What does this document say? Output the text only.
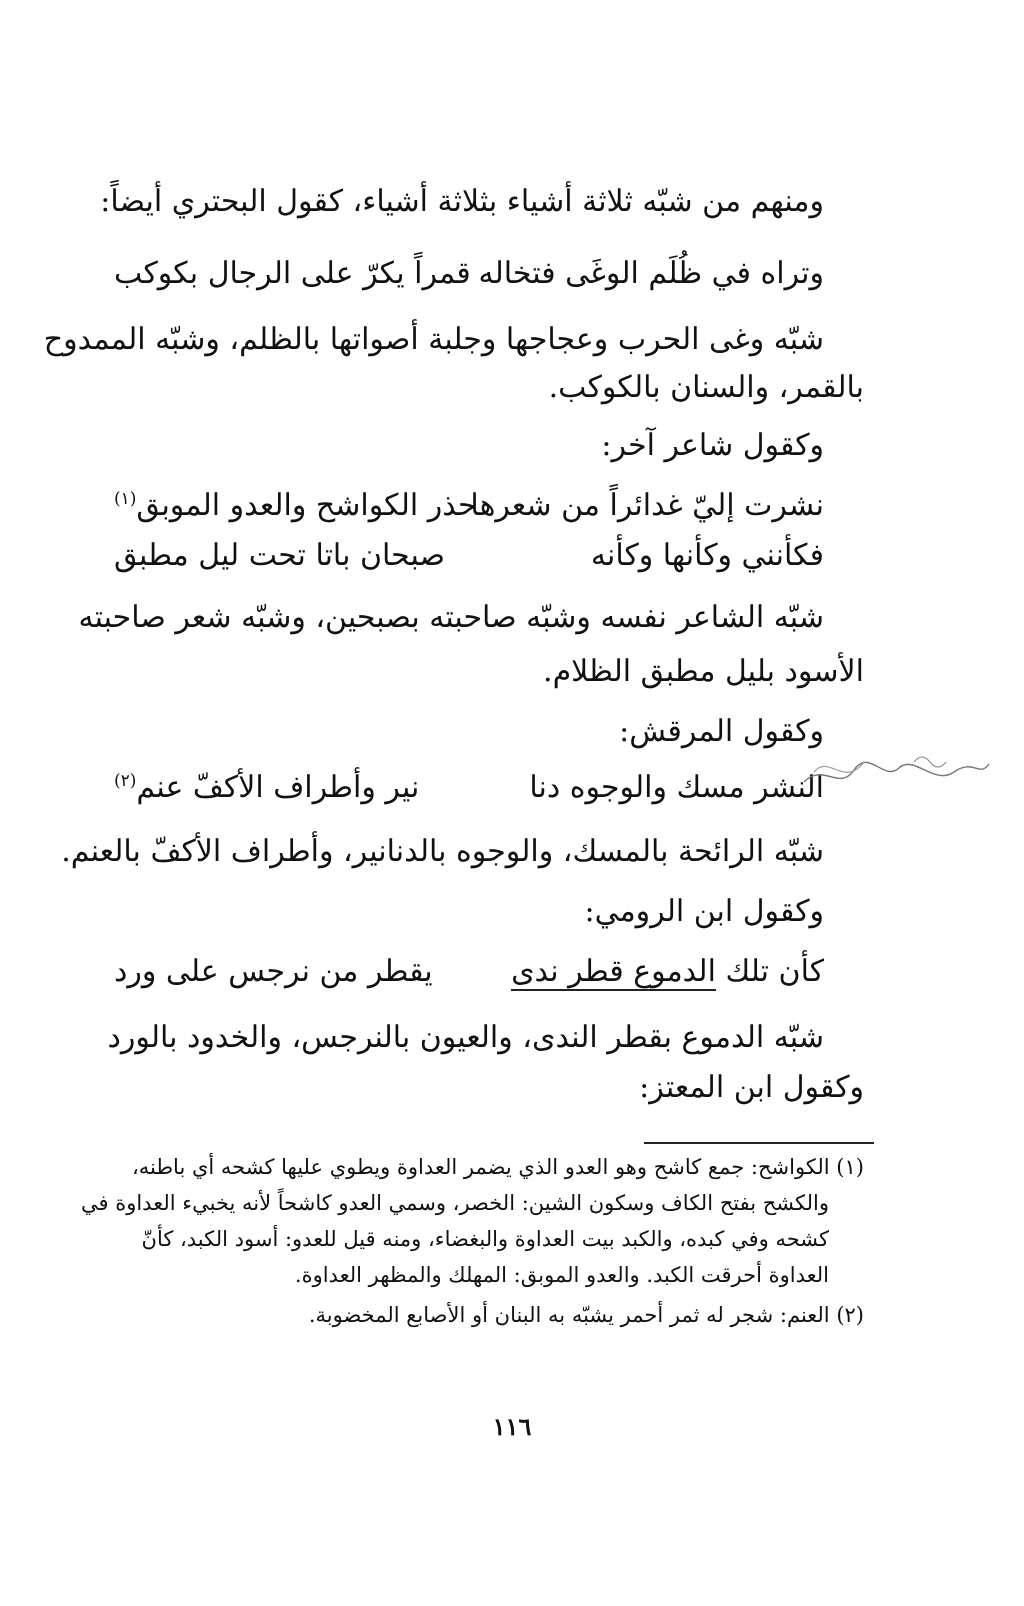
ومنهم من شبّه ثلاثة أشياء بثلاثة أشياء، كقول البحتري أيضاً:
وتراه في ظُلَم الوغَى فتخاله
قمراً يكرّ على الرجال بكوكب
شبّه وغى الحرب وعجاجها وجلبة أصواتها بالظلم، وشبّه الممدوح
بالقمر، والسنان بالكوكب.
وكقول شاعر آخر:
نشرت إليّ غدائراً من شعرها
حذر الكواشح والعدو الموبق$^{(١)}$
فكأنني وكأنها وكأنه
صبحان باتا تحت ليل مطبق
شبّه الشاعر نفسه وشبّه صاحبته بصبحين، وشبّه شعر صاحبته
الأسود بليل مطبق الظلام.
وكقول المرقش:
النشر مسك والوجوه دنا
نير وأطراف الأكفّ عنم$^{(٢)}$
شبّه الرائحة بالمسك، والوجوه بالدنانير، وأطراف الأكفّ بالعنم.
وكقول ابن الرومي:
كأن تلك الدموع قطر ندى
يقطر من نرجس على ورد
شبّه الدموع بقطر الندى، والعيون بالنرجس، والخدود بالورد
وكقول ابن المعتز:
(١) الكواشح: جمع كاشح وهو العدو الذي يضمر العداوة ويطوي عليها كشحه أي باطنه،
والكشح بفتح الكاف وسكون الشين: الخصر، وسمي العدو كاشحاً لأنه يخبيء العداوة في
كشحه وفي كبده، والكبد بيت العداوة والبغضاء، ومنه قيل للعدو: أسود الكبد، كأنّ
العداوة أحرقت الكبد. والعدو الموبق: المهلك والمظهر العداوة.
(٢) العنم: شجر له ثمر أحمر يشبّه به البنان أو الأصابع المخضوبة.
١١٦
